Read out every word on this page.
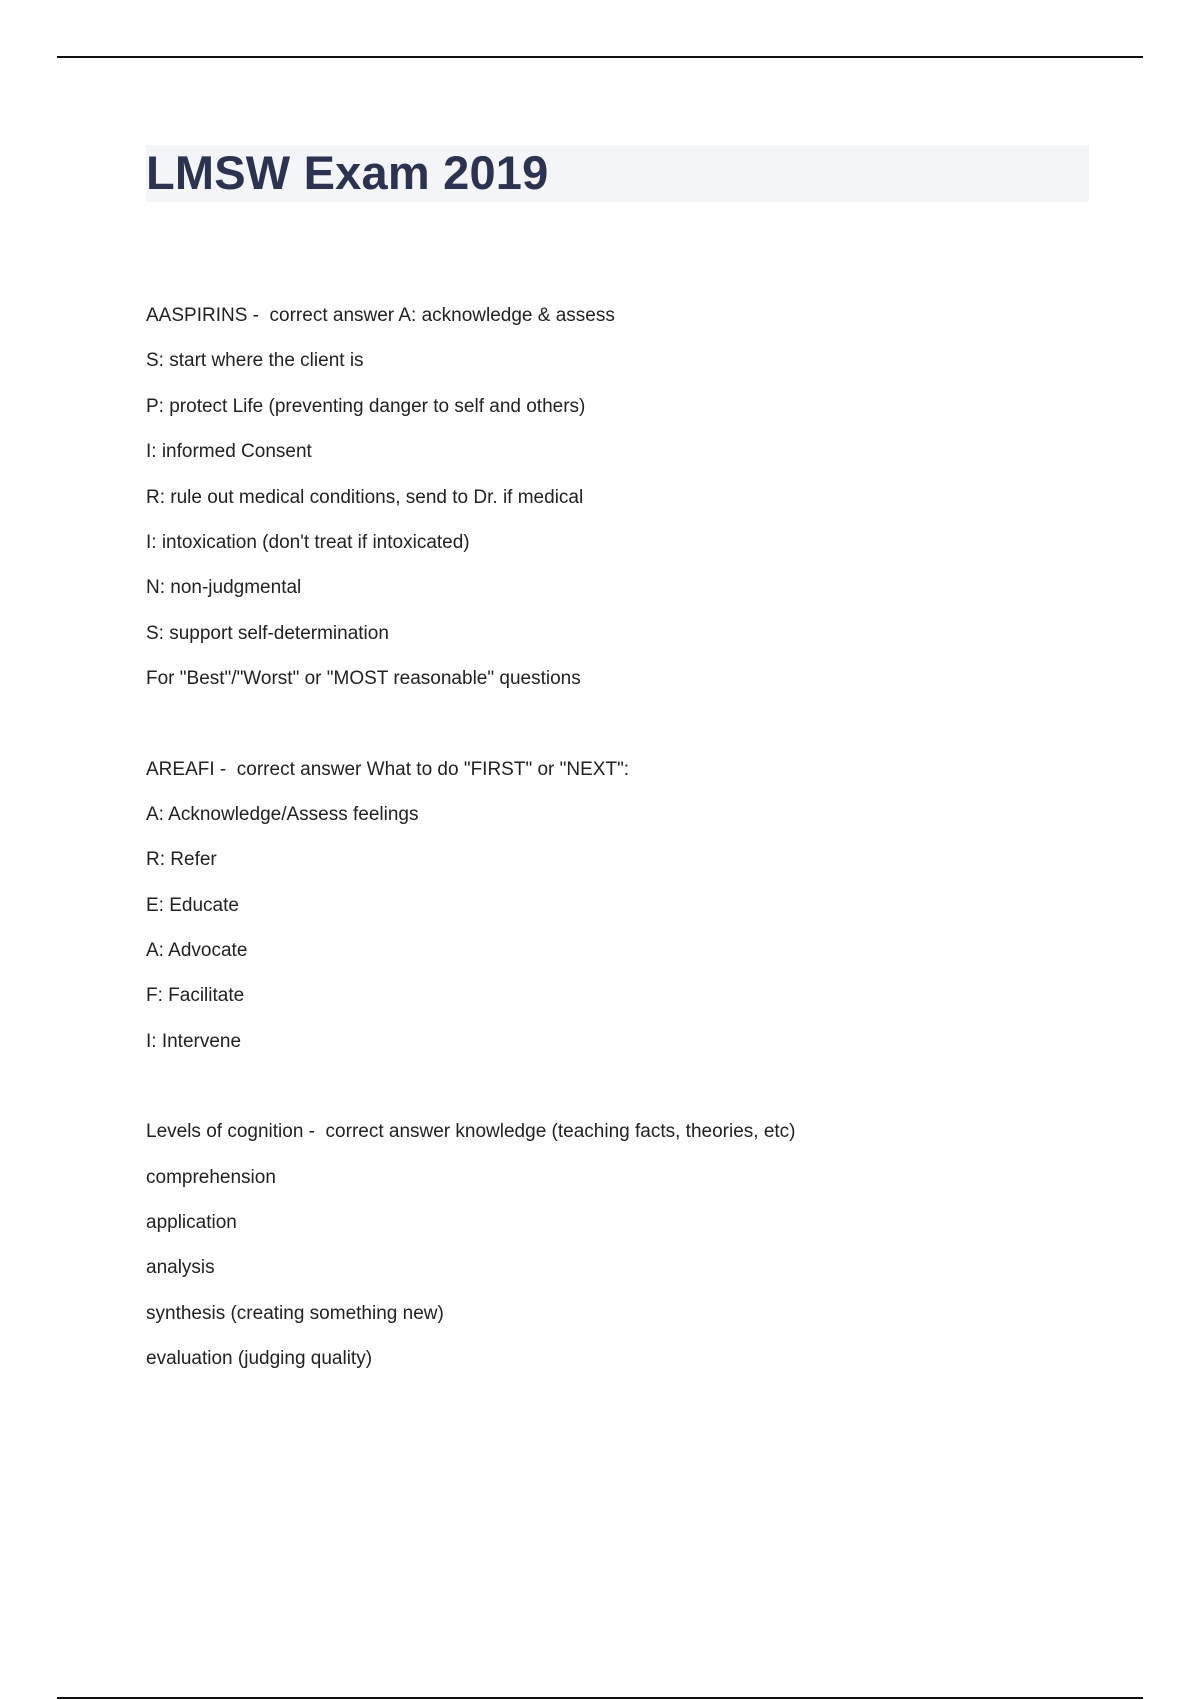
LMSW Exam 2019
AASPIRINS -  correct answer A: acknowledge & assess
S: start where the client is
P: protect Life (preventing danger to self and others)
I: informed Consent
R: rule out medical conditions, send to Dr. if medical
I: intoxication (don't treat if intoxicated)
N: non-judgmental
S: support self-determination
For "Best"/"Worst" or "MOST reasonable" questions
AREAFI -  correct answer What to do "FIRST" or "NEXT":
A: Acknowledge/Assess feelings
R: Refer
E: Educate
A: Advocate
F: Facilitate
I: Intervene
Levels of cognition -  correct answer knowledge (teaching facts, theories, etc)
comprehension
application
analysis
synthesis (creating something new)
evaluation (judging quality)
